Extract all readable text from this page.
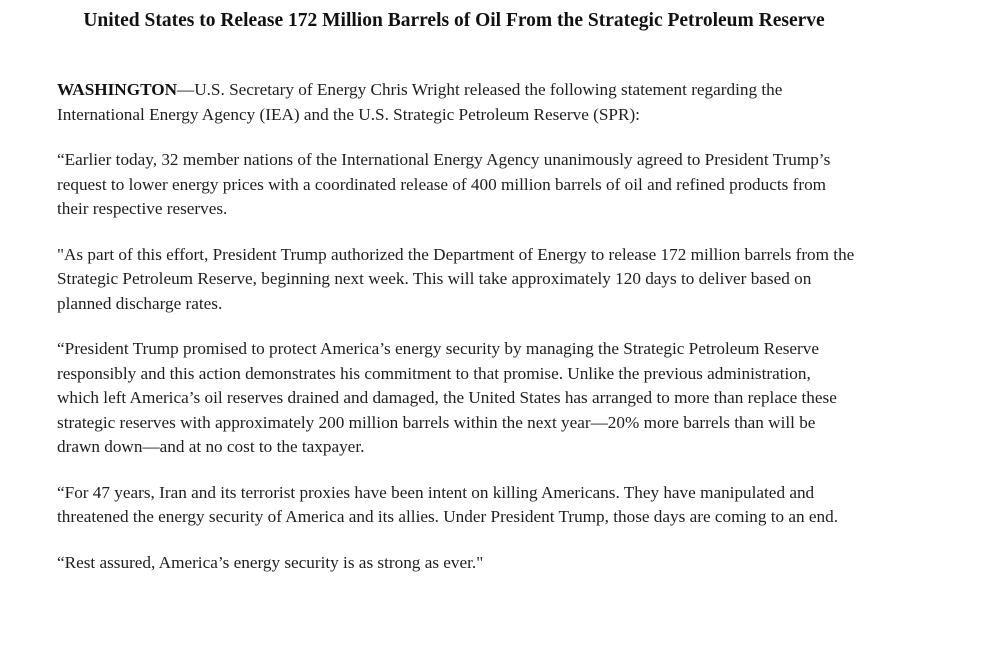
United States to Release 172 Million Barrels of Oil From the Strategic Petroleum Reserve

WASHINGTON—U.S. Secretary of Energy Chris Wright released the following statement regarding the International Energy Agency (IEA) and the U.S. Strategic Petroleum Reserve (SPR):

“Earlier today, 32 member nations of the International Energy Agency unanimously agreed to President Trump’s request to lower energy prices with a coordinated release of 400 million barrels of oil and refined products from their respective reserves.

"As part of this effort, President Trump authorized the Department of Energy to release 172 million barrels from the Strategic Petroleum Reserve, beginning next week. This will take approximately 120 days to deliver based on planned discharge rates.

“President Trump promised to protect America’s energy security by managing the Strategic Petroleum Reserve responsibly and this action demonstrates his commitment to that promise. Unlike the previous administration, which left America’s oil reserves drained and damaged, the United States has arranged to more than replace these strategic reserves with approximately 200 million barrels within the next year—20% more barrels than will be drawn down—and at no cost to the taxpayer.

“For 47 years, Iran and its terrorist proxies have been intent on killing Americans. They have manipulated and threatened the energy security of America and its allies. Under President Trump, those days are coming to an end.

“Rest assured, America’s energy security is as strong as ever."
